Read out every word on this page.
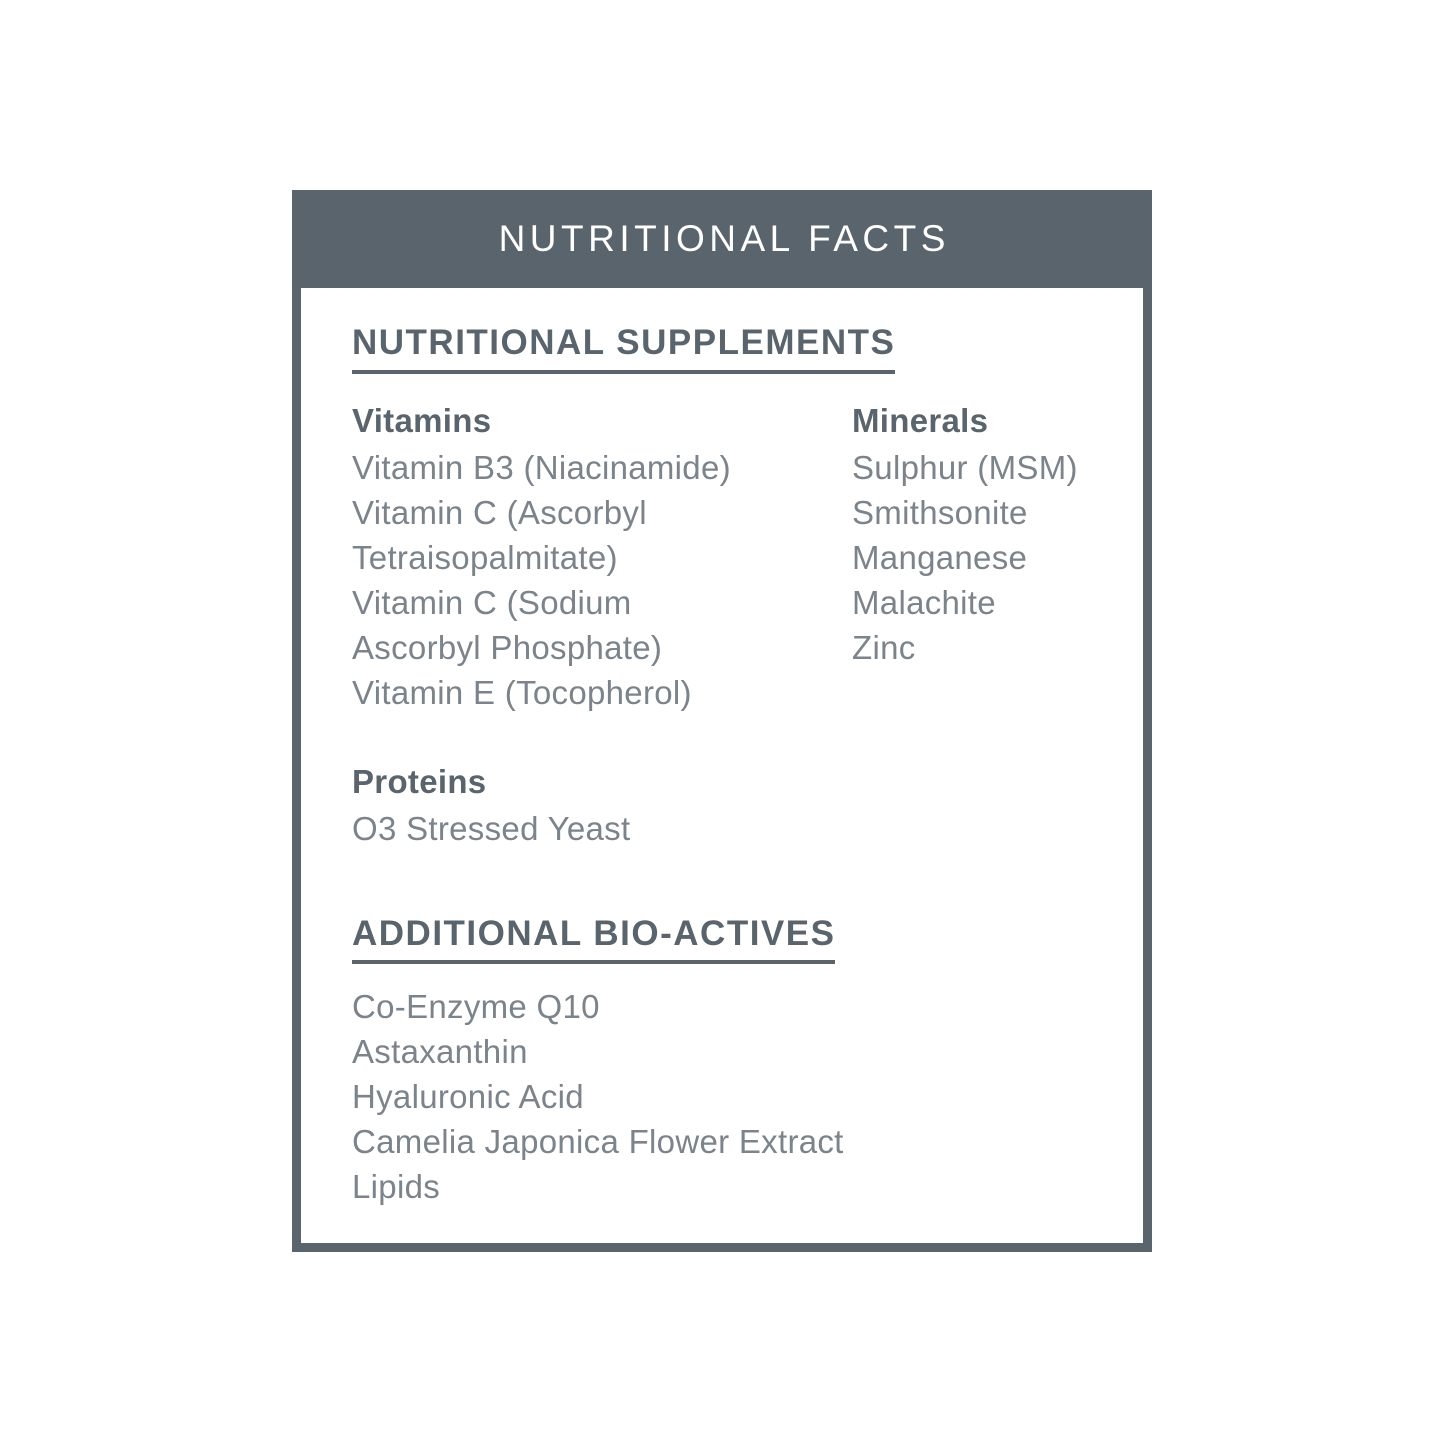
NUTRITIONAL FACTS
NUTRITIONAL SUPPLEMENTS
Vitamins
Vitamin B3 (Niacinamide)
Vitamin C (Ascorbyl
Tetraisopalmitate)
Vitamin C (Sodium
Ascorbyl Phosphate)
Vitamin E (Tocopherol)
Minerals
Sulphur (MSM)
Smithsonite
Manganese
Malachite
Zinc
Proteins
O3 Stressed Yeast
ADDITIONAL BIO-ACTIVES
Co-Enzyme Q10
Astaxanthin
Hyaluronic Acid
Camelia Japonica Flower Extract
Lipids
